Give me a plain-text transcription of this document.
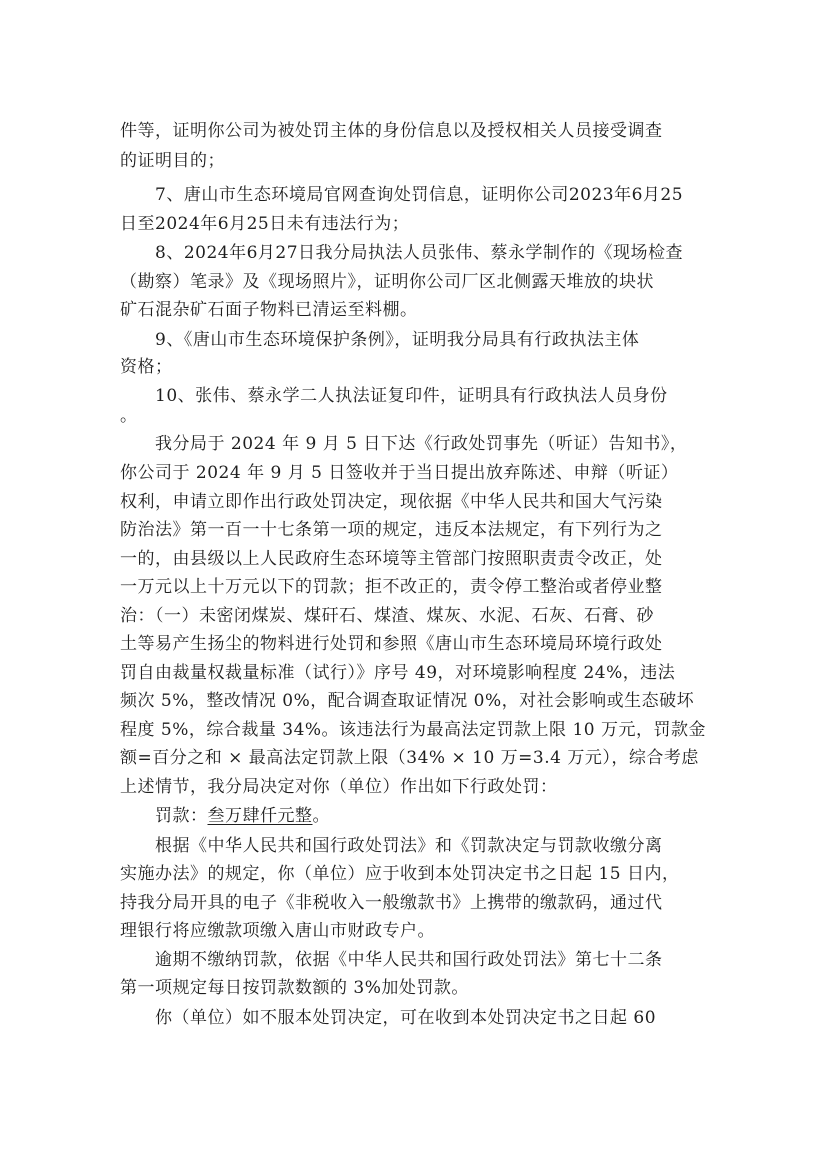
件等，证明你公司为被处罚主体的身份信息以及授权相关人员接受调查
的证明目的；
7、唐山市生态环境局官网查询处罚信息，证明你公司2023年6月25
日至2024年6月25日未有违法行为；
8、2024年6月27日我分局执法人员张伟、蔡永学制作的《现场检查
（勘察）笔录》及《现场照片》，证明你公司厂区北侧露天堆放的块状
矿石混杂矿石面子物料已清运至料棚。
9、《唐山市生态环境保护条例》，证明我分局具有行政执法主体
资格；
10、张伟、蔡永学二人执法证复印件，证明具有行政执法人员身份
。
我分局于 2024 年 9 月 5 日下达《行政处罚事先（听证）告知书》，
你公司于 2024 年 9 月 5 日签收并于当日提出放弃陈述、申辩（听证）
权利，申请立即作出行政处罚决定，现依据《中华人民共和国大气污染
防治法》第一百一十七条第一项的规定，违反本法规定，有下列行为之
一的，由县级以上人民政府生态环境等主管部门按照职责责令改正，处
一万元以上十万元以下的罚款；拒不改正的，责令停工整治或者停业整
治：（一）未密闭煤炭、煤矸石、煤渣、煤灰、水泥、石灰、石膏、砂
土等易产生扬尘的物料进行处罚和参照《唐山市生态环境局环境行政处
罚自由裁量权裁量标准（试行）》序号 49，对环境影响程度 24%，违法
频次 5%，整改情况 0%，配合调查取证情况 0%，对社会影响或生态破坏
程度 5%，综合裁量 34%。该违法行为最高法定罚款上限 10 万元，罚款金
额=百分之和 × 最高法定罚款上限（34% × 10 万=3.4 万元），综合考虑
上述情节，我分局决定对你（单位）作出如下行政处罚：
罚款：叁万肆仟元整。
根据《中华人民共和国行政处罚法》和《罚款决定与罚款收缴分离
实施办法》的规定，你（单位）应于收到本处罚决定书之日起 15 日内，
持我分局开具的电子《非税收入一般缴款书》上携带的缴款码，通过代
理银行将应缴款项缴入唐山市财政专户。
逾期不缴纳罚款，依据《中华人民共和国行政处罚法》第七十二条
第一项规定每日按罚款数额的 3%加处罚款。
你（单位）如不服本处罚决定，可在收到本处罚决定书之日起 60
